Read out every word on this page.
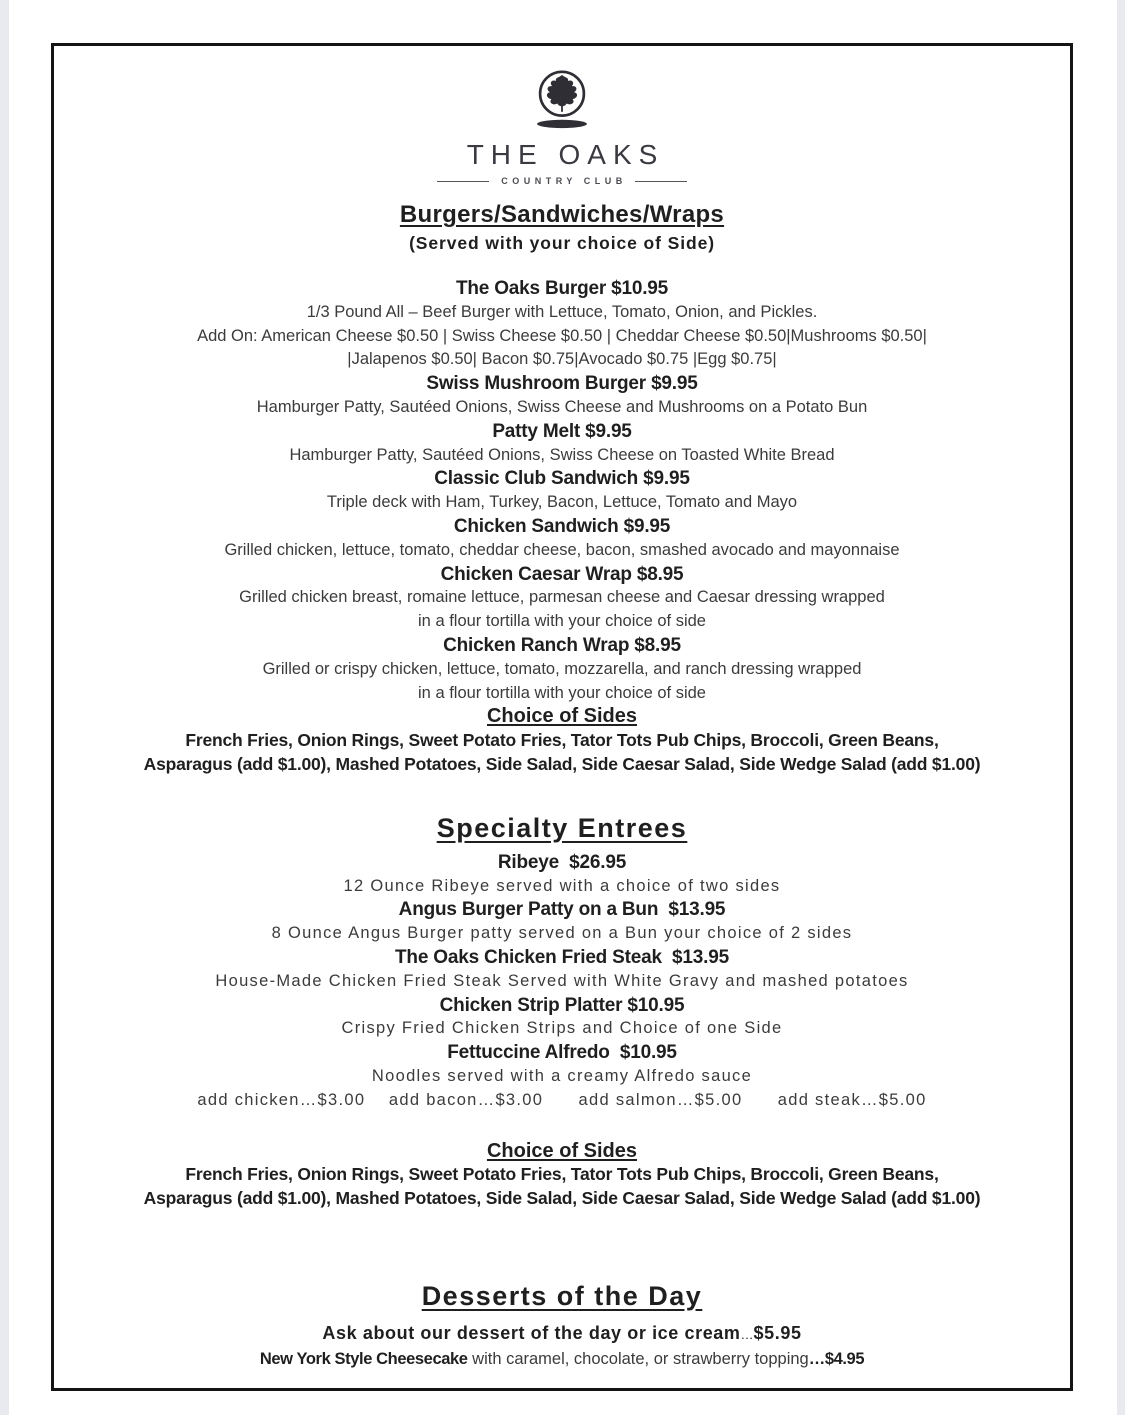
THE OAKS
COUNTRY CLUB
Burgers/Sandwiches/Wraps
(Served with your choice of Side)
The Oaks Burger $10.95
1/3 Pound All – Beef Burger with Lettuce, Tomato, Onion, and Pickles.
Add On: American Cheese $0.50 | Swiss Cheese $0.50 | Cheddar Cheese $0.50|Mushrooms $0.50|
|Jalapenos $0.50| Bacon $0.75|Avocado $0.75 |Egg $0.75|
Swiss Mushroom Burger $9.95
Hamburger Patty, Sautéed Onions, Swiss Cheese and Mushrooms on a Potato Bun
Patty Melt $9.95
Hamburger Patty, Sautéed Onions, Swiss Cheese on Toasted White Bread
Classic Club Sandwich $9.95
Triple deck with Ham, Turkey, Bacon, Lettuce, Tomato and Mayo
Chicken Sandwich $9.95
Grilled chicken, lettuce, tomato, cheddar cheese, bacon, smashed avocado and mayonnaise
Chicken Caesar Wrap $8.95
Grilled chicken breast, romaine lettuce, parmesan cheese and Caesar dressing wrapped
in a flour tortilla with your choice of side
Chicken Ranch Wrap $8.95
Grilled or crispy chicken, lettuce, tomato, mozzarella, and ranch dressing wrapped
in a flour tortilla with your choice of side
Choice of Sides
French Fries, Onion Rings, Sweet Potato Fries, Tator Tots Pub Chips, Broccoli, Green Beans,
Asparagus (add $1.00), Mashed Potatoes, Side Salad, Side Caesar Salad, Side Wedge Salad (add $1.00)
Specialty Entrees
Ribeye  $26.95
12 Ounce Ribeye served with a choice of two sides
Angus Burger Patty on a Bun  $13.95
8 Ounce Angus Burger patty served on a Bun your choice of 2 sides
The Oaks Chicken Fried Steak  $13.95
House-Made Chicken Fried Steak Served with White Gravy and mashed potatoes
Chicken Strip Platter $10.95
Crispy Fried Chicken Strips and Choice of one Side
Fettuccine Alfredo  $10.95
Noodles served with a creamy Alfredo sauce
add chicken…$3.00    add bacon…$3.00      add salmon…$5.00      add steak…$5.00
Choice of Sides
French Fries, Onion Rings, Sweet Potato Fries, Tator Tots Pub Chips, Broccoli, Green Beans,
Asparagus (add $1.00), Mashed Potatoes, Side Salad, Side Caesar Salad, Side Wedge Salad (add $1.00)
Desserts of the Day
Ask about our dessert of the day or ice cream…$5.95
New York Style Cheesecake with caramel, chocolate, or strawberry topping…$4.95
